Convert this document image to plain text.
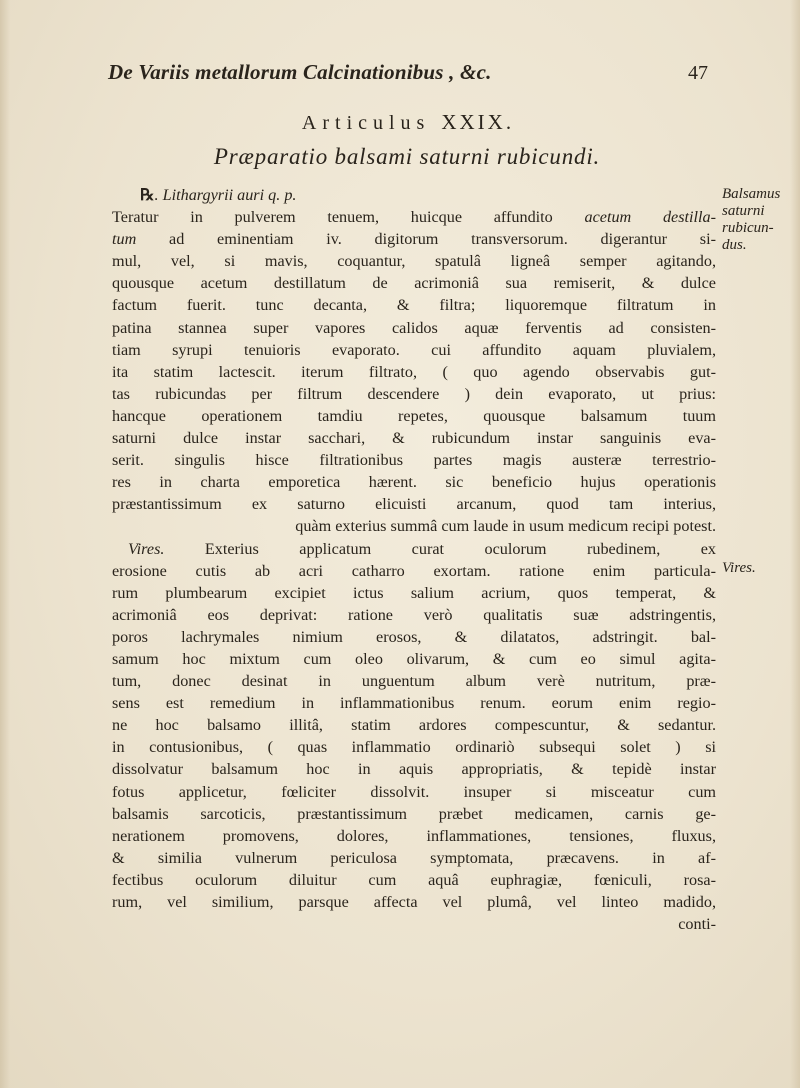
De Variis metallorum Calcinationibus , &c.	47
Articulus XXIX.
Præparatio balsami saturni rubicundi.
℞. Lithargyrii auri q. p.
Teratur in pulverem tenuem, huicque affundito acetum destilla-
tum ad eminentiam iv. digitorum transversorum. digerantur si-
mul, vel, si mavis, coquantur, spatulâ ligneâ semper agitando,
quousque acetum destillatum de acrimoniâ sua remiserit, & dulce
factum fuerit. tunc decanta, & filtra; liquoremque filtratum in
patina stannea super vapores calidos aquæ ferventis ad consisten-
tiam syrupi tenuioris evaporato. cui affundito aquam pluvialem,
ita statim lactescit. iterum filtrato, ( quo agendo observabis gut-
tas rubicundas per filtrum descendere ) dein evaporato, ut prius:
hancque operationem tamdiu repetes, quousque balsamum tuum
saturni dulce instar sacchari, & rubicundum instar sanguinis eva-
serit. singulis hisce filtrationibus partes magis austeræ terrestrio-
res in charta emporetica hærent. sic beneficio hujus operationis
præstantissimum ex saturno elicuisti arcanum, quod tam interius,
quàm exterius summâ cum laude in usum medicum recipi potest.
Vires. Exterius applicatum curat oculorum rubedinem, ex
erosione cutis ab acri catharro exortam. ratione enim particula-
rum plumbearum excipiet ictus salium acrium, quos temperat, &
acrimoniâ eos deprivat: ratione verò qualitatis suæ adstringentis,
poros lachrymales nimium erosos, & dilatatos, adstringit. bal-
samum hoc mixtum cum oleo olivarum, & cum eo simul agita-
tum, donec desinat in unguentum album verè nutritum, præ-
sens est remedium in inflammationibus renum. eorum enim regio-
ne hoc balsamo illitâ, statim ardores compescuntur, & sedantur.
in contusionibus, ( quas inflammatio ordinariò subsequi solet ) si
dissolvatur balsamum hoc in aquis appropriatis, & tepidè instar
fotus applicetur, fœliciter dissolvit. insuper si misceatur cum
balsamis sarcoticis, præstantissimum præbet medicamen, carnis ge-
nerationem promovens, dolores, inflammationes, tensiones, fluxus,
& similia vulnerum periculosa symptomata, præcavens. in af-
fectibus oculorum diluitur cum aquâ euphragiæ, fœniculi, rosa-
rum, vel similium, parsque affecta vel plumâ, vel linteo madido,
conti-
Balsamus
saturni
rubicun-
dus.
Vires.
